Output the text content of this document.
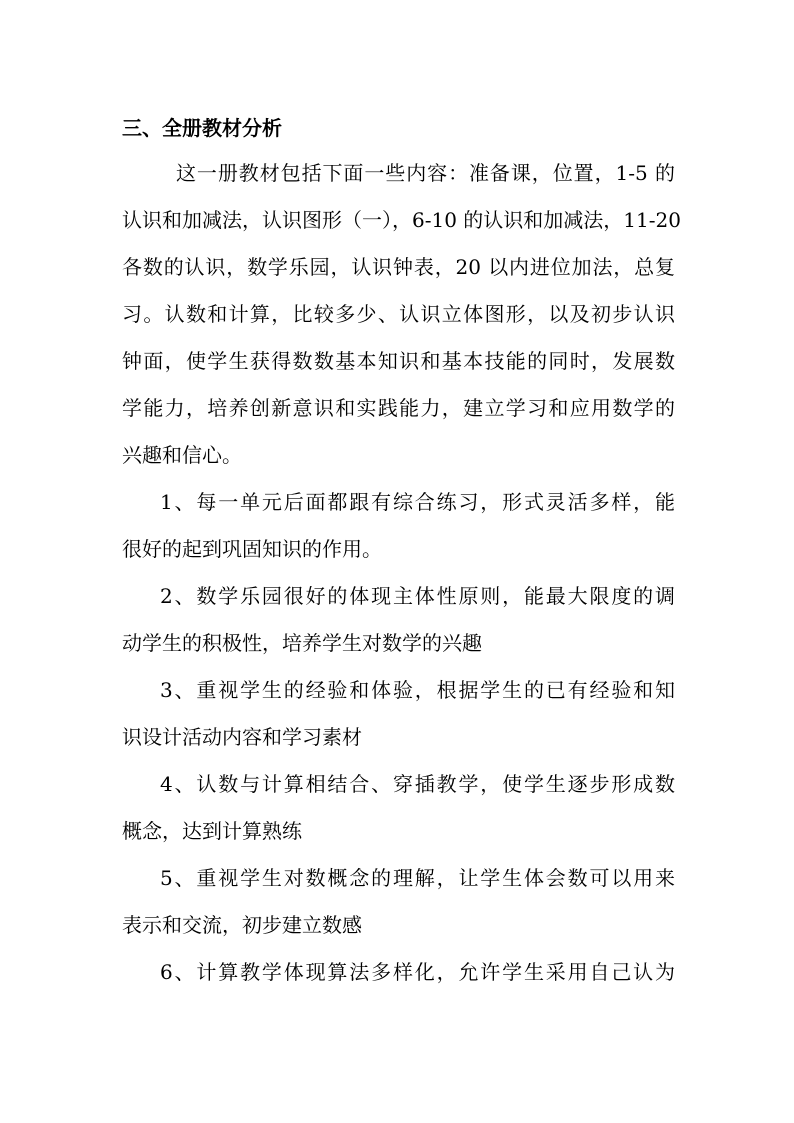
三、全册教材分析
这一册教材包括下面一些内容：准备课，位置，1-5 的
认识和加减法，认识图形（一），6-10 的认识和加减法，11-20
各数的认识，数学乐园，认识钟表，20 以内进位加法，总复
习。认数和计算，比较多少、认识立体图形，以及初步认识
钟面，使学生获得数数基本知识和基本技能的同时，发展数
学能力，培养创新意识和实践能力，建立学习和应用数学的
兴趣和信心。
1、每一单元后面都跟有综合练习，形式灵活多样，能
很好的起到巩固知识的作用。
2、数学乐园很好的体现主体性原则，能最大限度的调
动学生的积极性，培养学生对数学的兴趣
3、重视学生的经验和体验，根据学生的已有经验和知
识设计活动内容和学习素材
4、认数与计算相结合、穿插教学，使学生逐步形成数
概念，达到计算熟练
5、重视学生对数概念的理解，让学生体会数可以用来
表示和交流，初步建立数感
6、计算教学体现算法多样化，允许学生采用自己认为
